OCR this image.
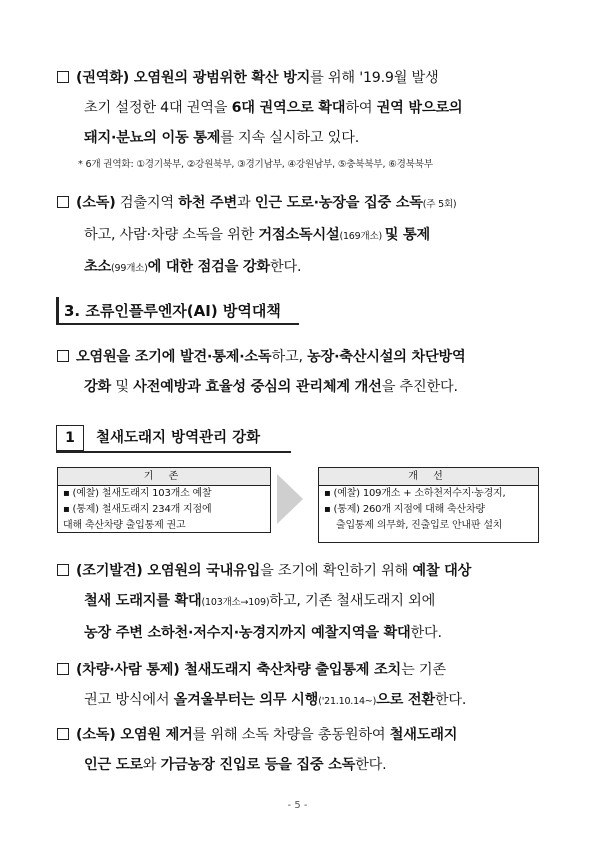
(권역화) 오염원의 광범위한 확산 방지를 위해 '19.9월 발생
초기 설정한 4대 권역을 6대 권역으로 확대하여 권역 밖으로의
돼지·분뇨의 이동 통제를 지속 실시하고 있다.
* 6개 권역화: ①경기북부, ②강원북부, ③경기남부, ④강원남부, ⑤충북북부, ⑥경북북부
(소독) 검출지역 하천 주변과 인근 도로·농장을 집중 소독(주 5회)
하고, 사람·차량 소독을 위한 거점소독시설(169개소) 및 통제
초소(99개소)에 대한 점검을 강화한다.
3. 조류인플루엔자(AI) 방역대책
오염원을 조기에 발견·통제·소독하고, 농장·축산시설의 차단방역
강화 및 사전예방과 효율성 중심의 관리체계 개선을 추진한다.
1	철새도래지 방역관리 강화
기 존
▪ (예찰) 철새도래지 103개소 예찰
▪ (통제) 철새도래지 234개 지점에
대해 축산차량 출입통제 권고
개 선
▪ (예찰) 109개소 + 소하천저수지·농경지,
▪ (통제) 260개 지점에 대해 축산차량
출입통제 의무화, 진출입로 안내판 설치
(조기발견) 오염원의 국내유입을 조기에 확인하기 위해 예찰 대상
철새 도래지를 확대(103개소→109)하고, 기존 철새도래지 외에
농장 주변 소하천·저수지·농경지까지 예찰지역을 확대한다.
(차량·사람 통제) 철새도래지 축산차량 출입통제 조치는 기존
권고 방식에서 올겨울부터는 의무 시행('21.10.14~)으로 전환한다.
(소독) 오염원 제거를 위해 소독 차량을 총동원하여 철새도래지
인근 도로와 가금농장 진입로 등을 집중 소독한다.
- 5 -
